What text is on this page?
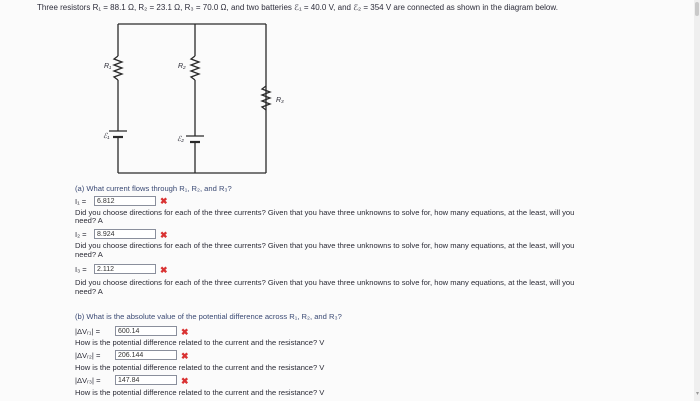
Three resistors R₁ = 88.1 Ω, R₂ = 23.1 Ω, R₃ = 70.0 Ω, and two batteries ℰ₁ = 40.0 V, and ℰ₂ = 354 V are connected as shown in the diagram below.
R₁	R₂
R₃
ℰ₁	ℰ₂
(a) What current flows through R₁, R₂, and R₃?
I₁ =	6.812	✖
Did you choose directions for each of the three currents? Given that you have three unknowns to solve for, how many equations, at the least, will you
need? A
I₂ =	8.924	✖
Did you choose directions for each of the three currents? Given that you have three unknowns to solve for, how many equations, at the least, will you
need? A
I₃ =	2.112	✖
Did you choose directions for each of the three currents? Given that you have three unknowns to solve for, how many equations, at the least, will you
need? A
(b) What is the absolute value of the potential difference across R₁, R₂, and R₃?
|ΔVᵣ₁| =	600.14	✖
How is the potential difference related to the current and the resistance? V
|ΔVᵣ₂| =	206.144	✖
How is the potential difference related to the current and the resistance? V
|ΔVᵣ₃| =	147.84	✖
How is the potential difference related to the current and the resistance? V	▾
